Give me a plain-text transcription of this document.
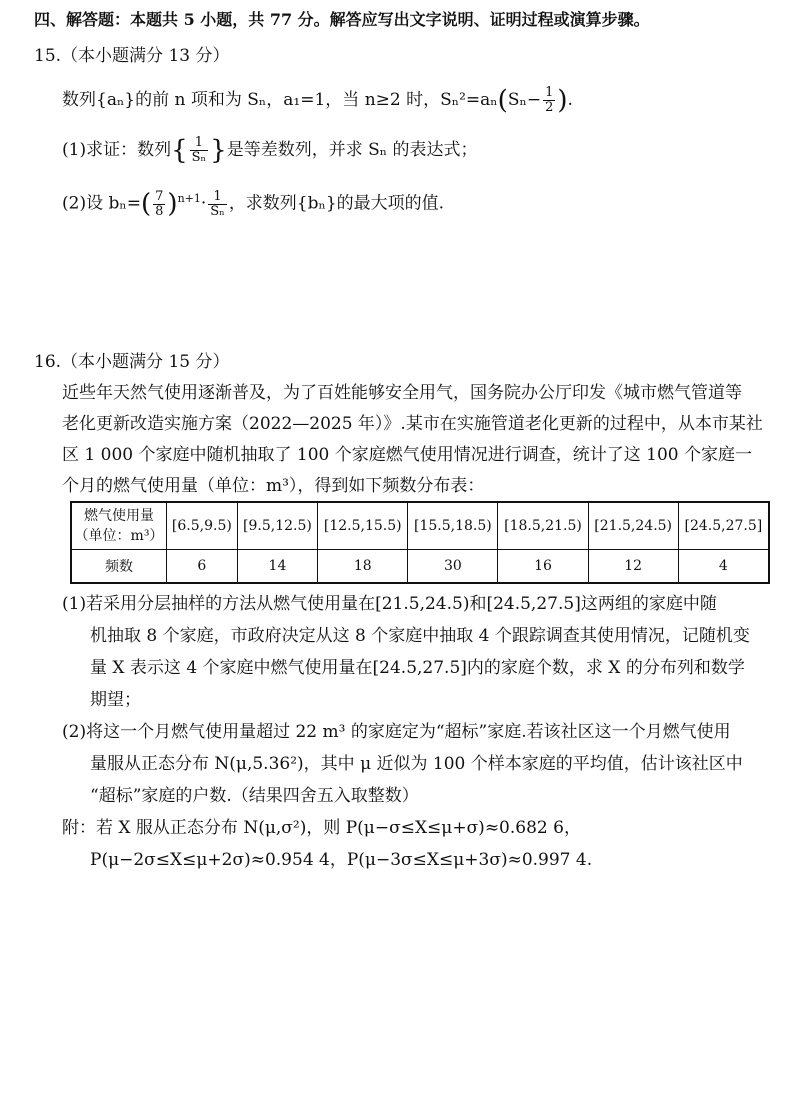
四、解答题：本题共 5 小题，共 77 分。解答应写出文字说明、证明过程或演算步骤。
15.（本小题满分 13 分）
数列{aₙ}的前 n 项和为 Sₙ，a₁=1，当 n≥2 时，$S_n^2=a_n(S_n- \frac{1}{2}$ ).
(1)求证：数列{ $\frac{1}{\text{Sₙ}}$ }是等差数列，并求 Sₙ 的表达式；
(2)设 $b_n=( \frac{7}{8} )^{n+1}\cdot \frac{1}{\text{Sₙ}}$ ，求数列{bₙ}的最大项的值.
16.（本小题满分 15 分）
近些年天然气使用逐渐普及，为了百姓能够安全用气，国务院办公厅印发《城市燃气管道等
老化更新改造实施方案（2022—2025 年）》.某市在实施管道老化更新的过程中，从本市某社
区 1 000 个家庭中随机抽取了 100 个家庭燃气使用情况进行调查，统计了这 100 个家庭一
个月的燃气使用量（单位：m³），得到如下频数分布表：
燃气使用量
（单位：m³）	[6.5,9.5)	[9.5,12.5)	[12.5,15.5)	[15.5,18.5)	[18.5,21.5)	[21.5,24.5)	[24.5,27.5]
频数	6	14	18	30	16	12	4
(1)若采用分层抽样的方法从燃气使用量在[21.5,24.5)和[24.5,27.5]这两组的家庭中随
机抽取 8 个家庭，市政府决定从这 8 个家庭中抽取 4 个跟踪调查其使用情况，记随机变
量 X 表示这 4 个家庭中燃气使用量在[24.5,27.5]内的家庭个数，求 X 的分布列和数学
期望；
(2)将这一个月燃气使用量超过 22 m³ 的家庭定为“超标”家庭.若该社区这一个月燃气使用
量服从正态分布 N(μ,5.36²)，其中 μ 近似为 100 个样本家庭的平均值，估计该社区中
“超标”家庭的户数.（结果四舍五入取整数）
附：若 X 服从正态分布 N(μ,σ²)，则 P(μ−σ≤X≤μ+σ)≈0.682 6，
P(μ−2σ≤X≤μ+2σ)≈0.954 4，P(μ−3σ≤X≤μ+3σ)≈0.997 4.
